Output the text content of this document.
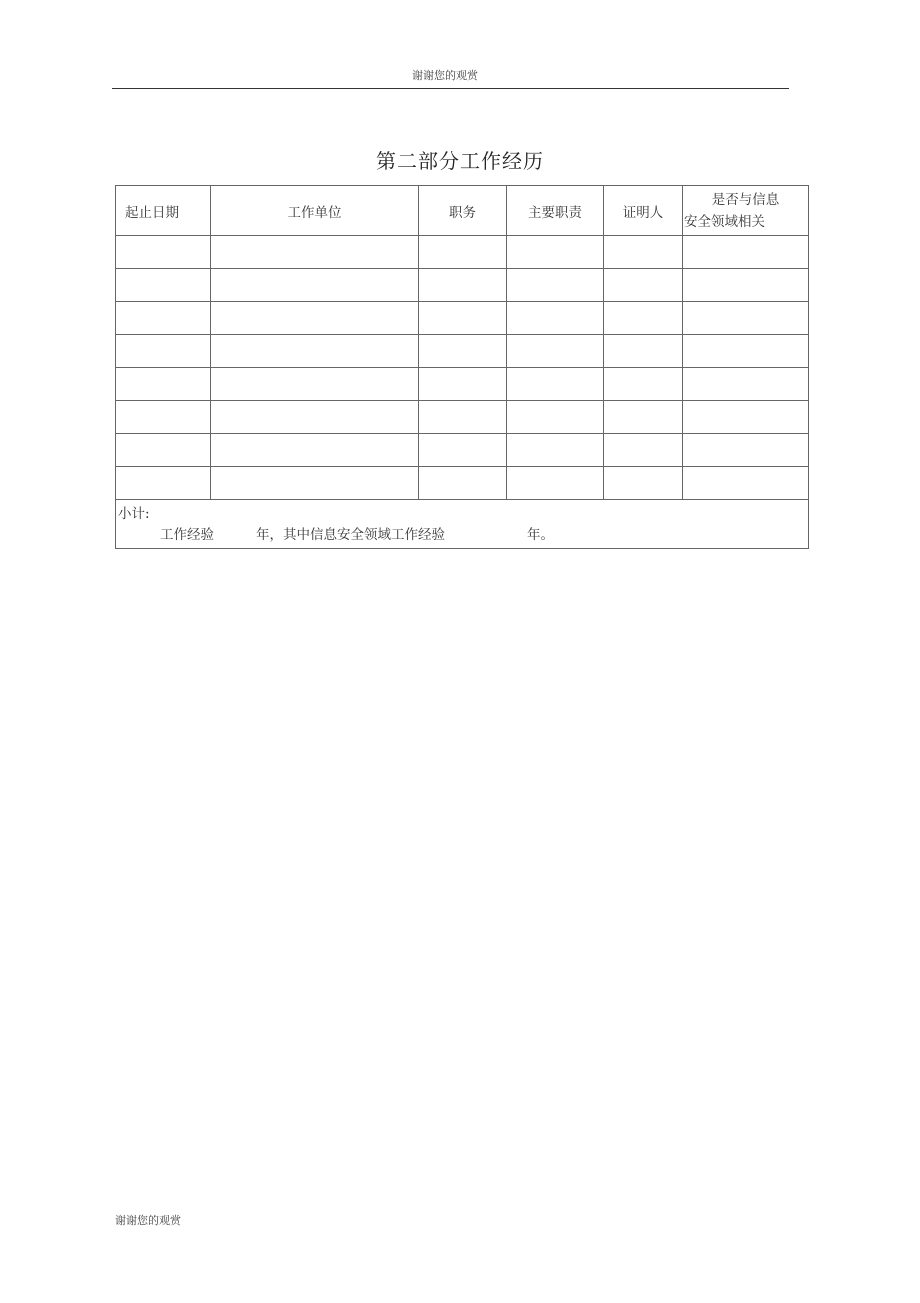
谢谢您的观赏
第二部分工作经历
起止日期	工作单位	职务	主要职责	证明人	是否与信息
安全领域相关

小计:
工作经验 年，其中信息安全领域工作经验 年。					
谢谢您的观赏
